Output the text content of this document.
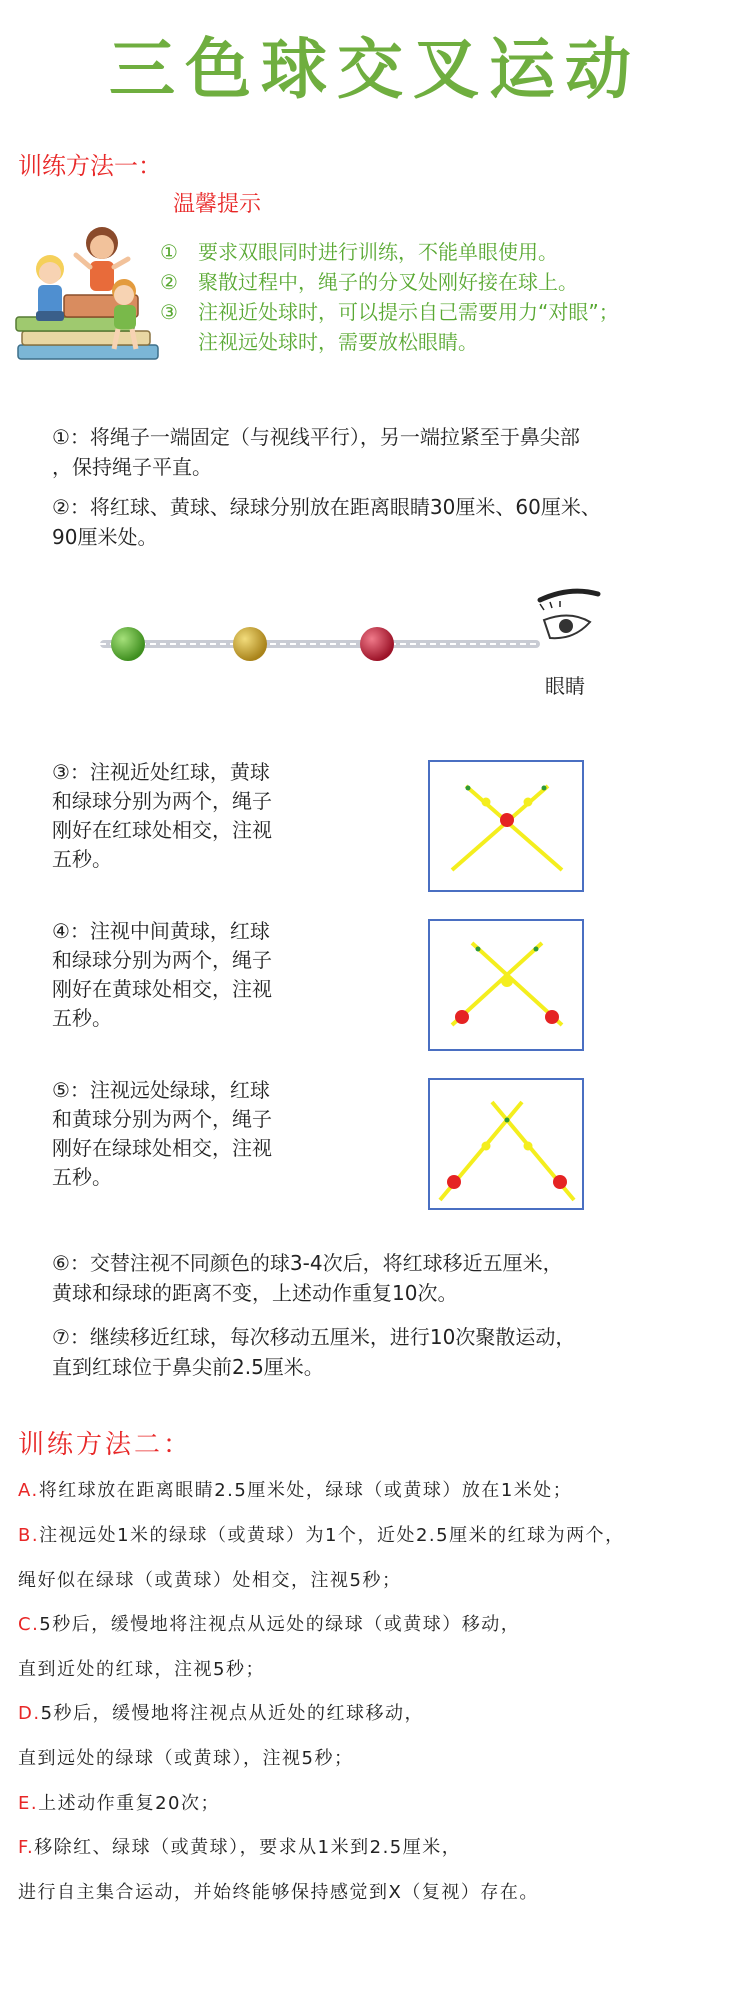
三色球交叉运动
训练方法一：
温馨提示
① 要求双眼同时进行训练，不能单眼使用。
② 聚散过程中，绳子的分叉处刚好接在球上。
③ 注视近处球时，可以提示自己需要用力“对眼”；
注视远处球时，需要放松眼睛。
①：将绳子一端固定（与视线平行），另一端拉紧至于鼻尖部
，保持绳子平直。
②：将红球、黄球、绿球分别放在距离眼睛30厘米、60厘米、
90厘米处。
眼睛
③：注视近处红球，黄球
和绿球分别为两个，绳子
刚好在红球处相交，注视
五秒。
④：注视中间黄球，红球
和绿球分别为两个，绳子
刚好在黄球处相交，注视
五秒。
⑤：注视远处绿球，红球
和黄球分别为两个，绳子
刚好在绿球处相交，注视
五秒。
⑥：交替注视不同颜色的球3-4次后，将红球移近五厘米，
黄球和绿球的距离不变，上述动作重复10次。
⑦：继续移近红球，每次移动五厘米，进行10次聚散运动，
直到红球位于鼻尖前2.5厘米。
训练方法二：
A.将红球放在距离眼睛2.5厘米处，绿球（或黄球）放在1米处；
B.注视远处1米的绿球（或黄球）为1个，近处2.5厘米的红球为两个，
绳好似在绿球（或黄球）处相交，注视5秒；
C.5秒后，缓慢地将注视点从远处的绿球（或黄球）移动，
直到近处的红球，注视5秒；
D.5秒后，缓慢地将注视点从近处的红球移动，
直到远处的绿球（或黄球），注视5秒；
E.上述动作重复20次；
F.移除红、绿球（或黄球），要求从1米到2.5厘米，
进行自主集合运动，并始终能够保持感觉到X（复视）存在。
